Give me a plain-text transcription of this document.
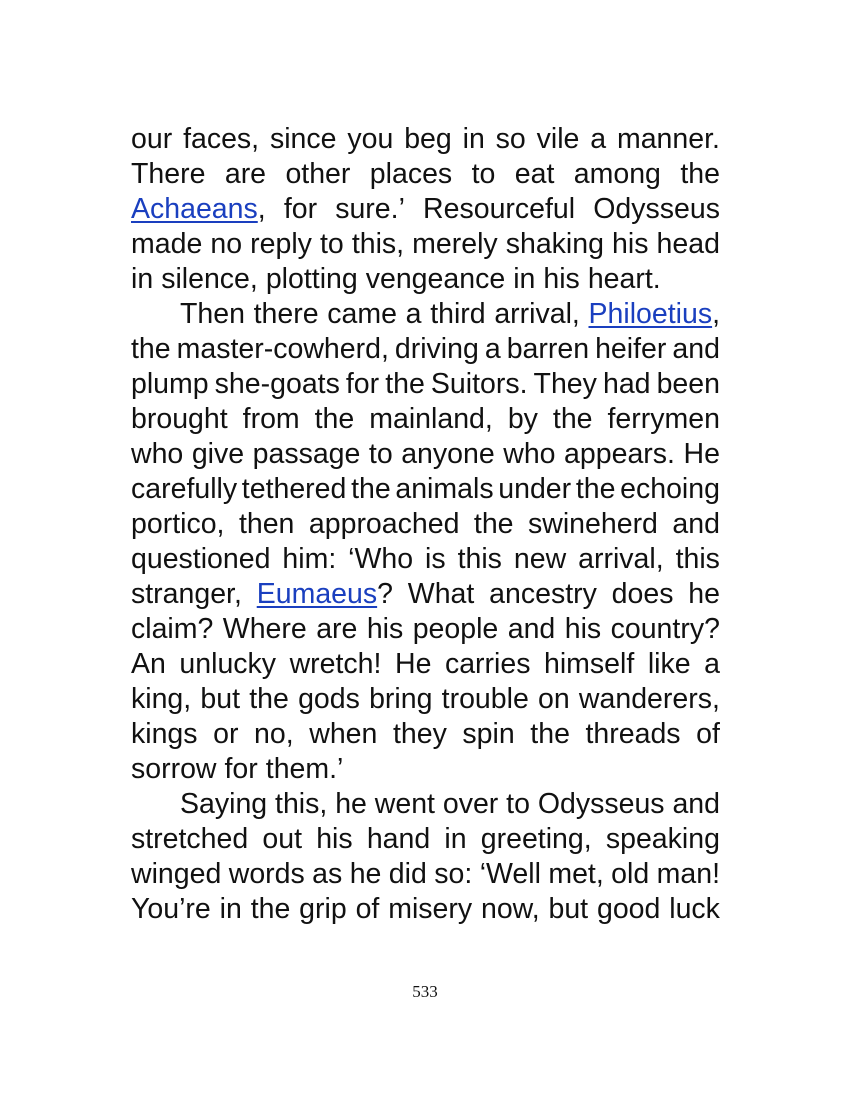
our faces, since you beg in so vile a manner.
There are other places to eat among the
Achaeans, for sure.’ Resourceful Odysseus
made no reply to this, merely shaking his head
in silence, plotting vengeance in his heart.
Then there came a third arrival, Philoetius,
the master-cowherd, driving a barren heifer and
plump she-goats for the Suitors. They had been
brought from the mainland, by the ferrymen
who give passage to anyone who appears. He
carefully tethered the animals under the echoing
portico, then approached the swineherd and
questioned him: ‘Who is this new arrival, this
stranger, Eumaeus? What ancestry does he
claim? Where are his people and his country?
An unlucky wretch! He carries himself like a
king, but the gods bring trouble on wanderers,
kings or no, when they spin the threads of
sorrow for them.’
Saying this, he went over to Odysseus and
stretched out his hand in greeting, speaking
winged words as he did so: ‘Well met, old man!
You’re in the grip of misery now, but good luck
533
